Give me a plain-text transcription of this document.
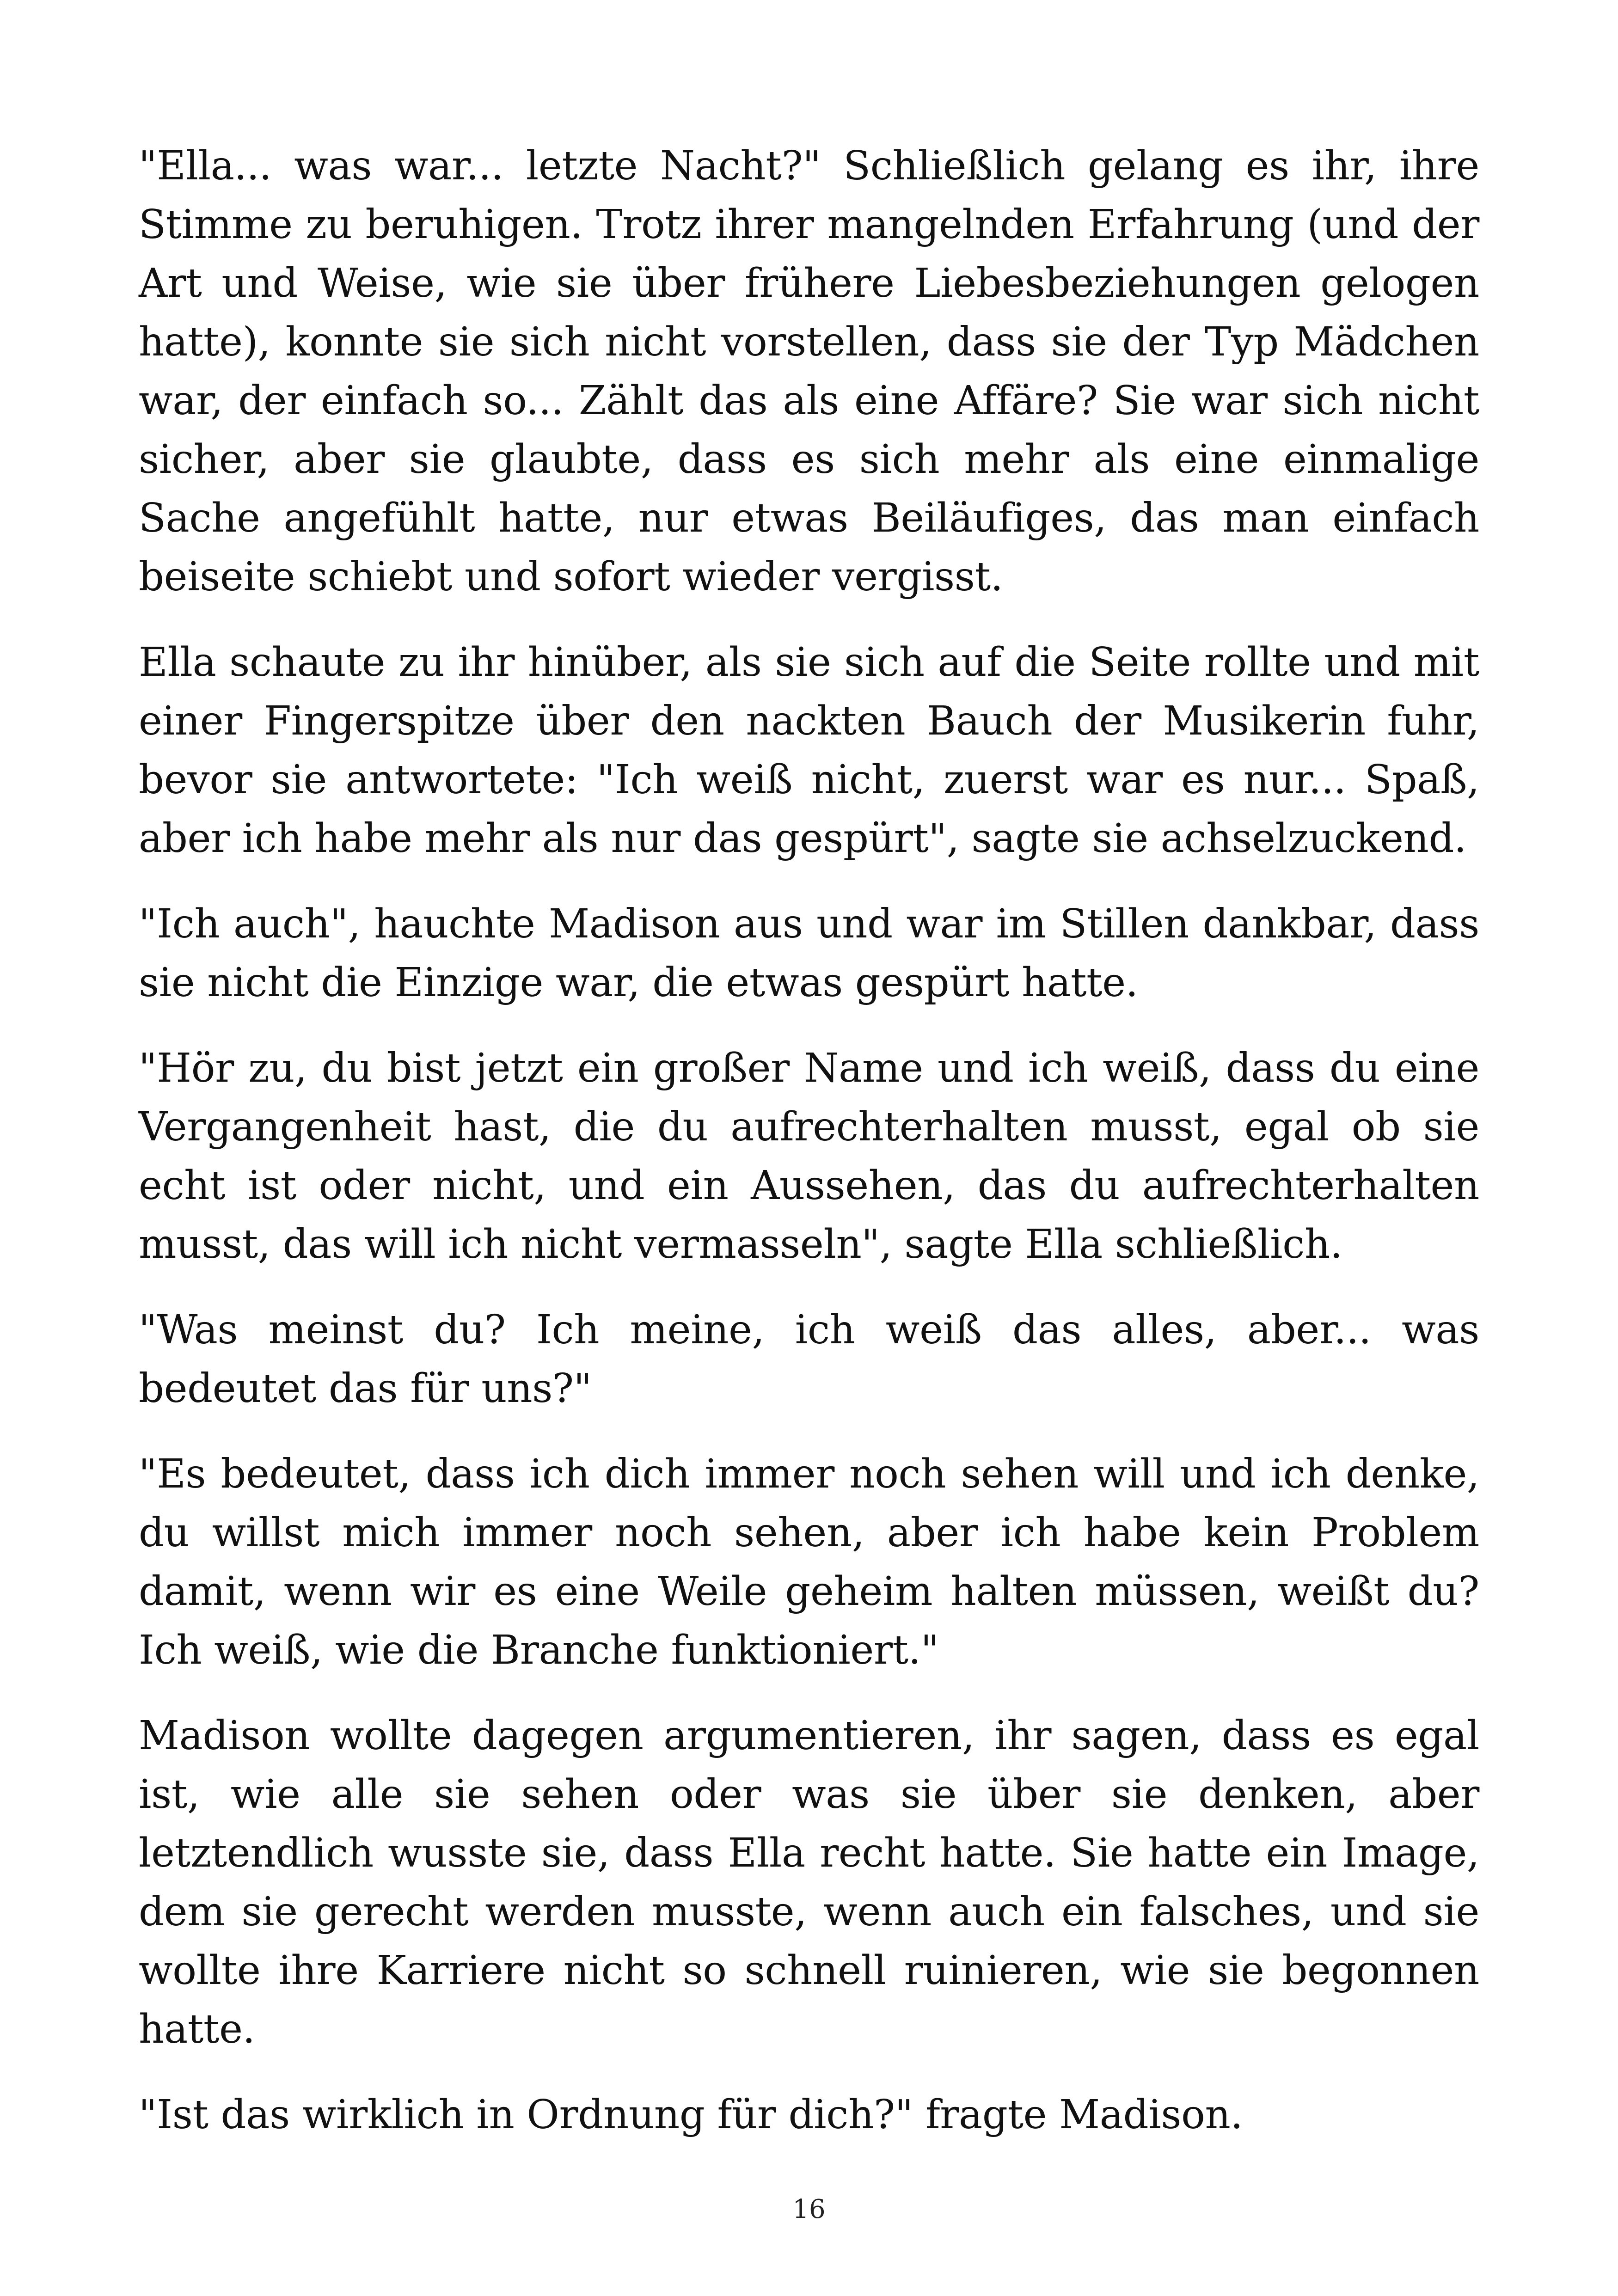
"Ella... was war... letzte Nacht?" Schließlich gelang es ihr, ihre Stimme zu beruhigen. Trotz ihrer mangelnden Erfahrung (und der Art und Weise, wie sie über frühere Liebesbeziehungen gelogen hatte), konnte sie sich nicht vorstellen, dass sie der Typ Mädchen war, der einfach so... Zählt das als eine Affäre? Sie war sich nicht sicher, aber sie glaubte, dass es sich mehr als eine einmalige Sache angefühlt hatte, nur etwas Beiläufiges, das man einfach beiseite schiebt und sofort wieder vergisst.

Ella schaute zu ihr hinüber, als sie sich auf die Seite rollte und mit einer Fingerspitze über den nackten Bauch der Musikerin fuhr, bevor sie antwortete: "Ich weiß nicht, zuerst war es nur... Spaß, aber ich habe mehr als nur das gespürt", sagte sie achselzuckend.

"Ich auch", hauchte Madison aus und war im Stillen dankbar, dass sie nicht die Einzige war, die etwas gespürt hatte.

"Hör zu, du bist jetzt ein großer Name und ich weiß, dass du eine Vergangenheit hast, die du aufrechterhalten musst, egal ob sie echt ist oder nicht, und ein Aussehen, das du aufrechterhalten musst, das will ich nicht vermasseln", sagte Ella schließlich.

"Was meinst du? Ich meine, ich weiß das alles, aber... was bedeutet das für uns?"

"Es bedeutet, dass ich dich immer noch sehen will und ich denke, du willst mich immer noch sehen, aber ich habe kein Problem damit, wenn wir es eine Weile geheim halten müssen, weißt du? Ich weiß, wie die Branche funktioniert."

Madison wollte dagegen argumentieren, ihr sagen, dass es egal ist, wie alle sie sehen oder was sie über sie denken, aber letztendlich wusste sie, dass Ella recht hatte. Sie hatte ein Image, dem sie gerecht werden musste, wenn auch ein falsches, und sie wollte ihre Karriere nicht so schnell ruinieren, wie sie begonnen hatte.

"Ist das wirklich in Ordnung für dich?" fragte Madison.

16
